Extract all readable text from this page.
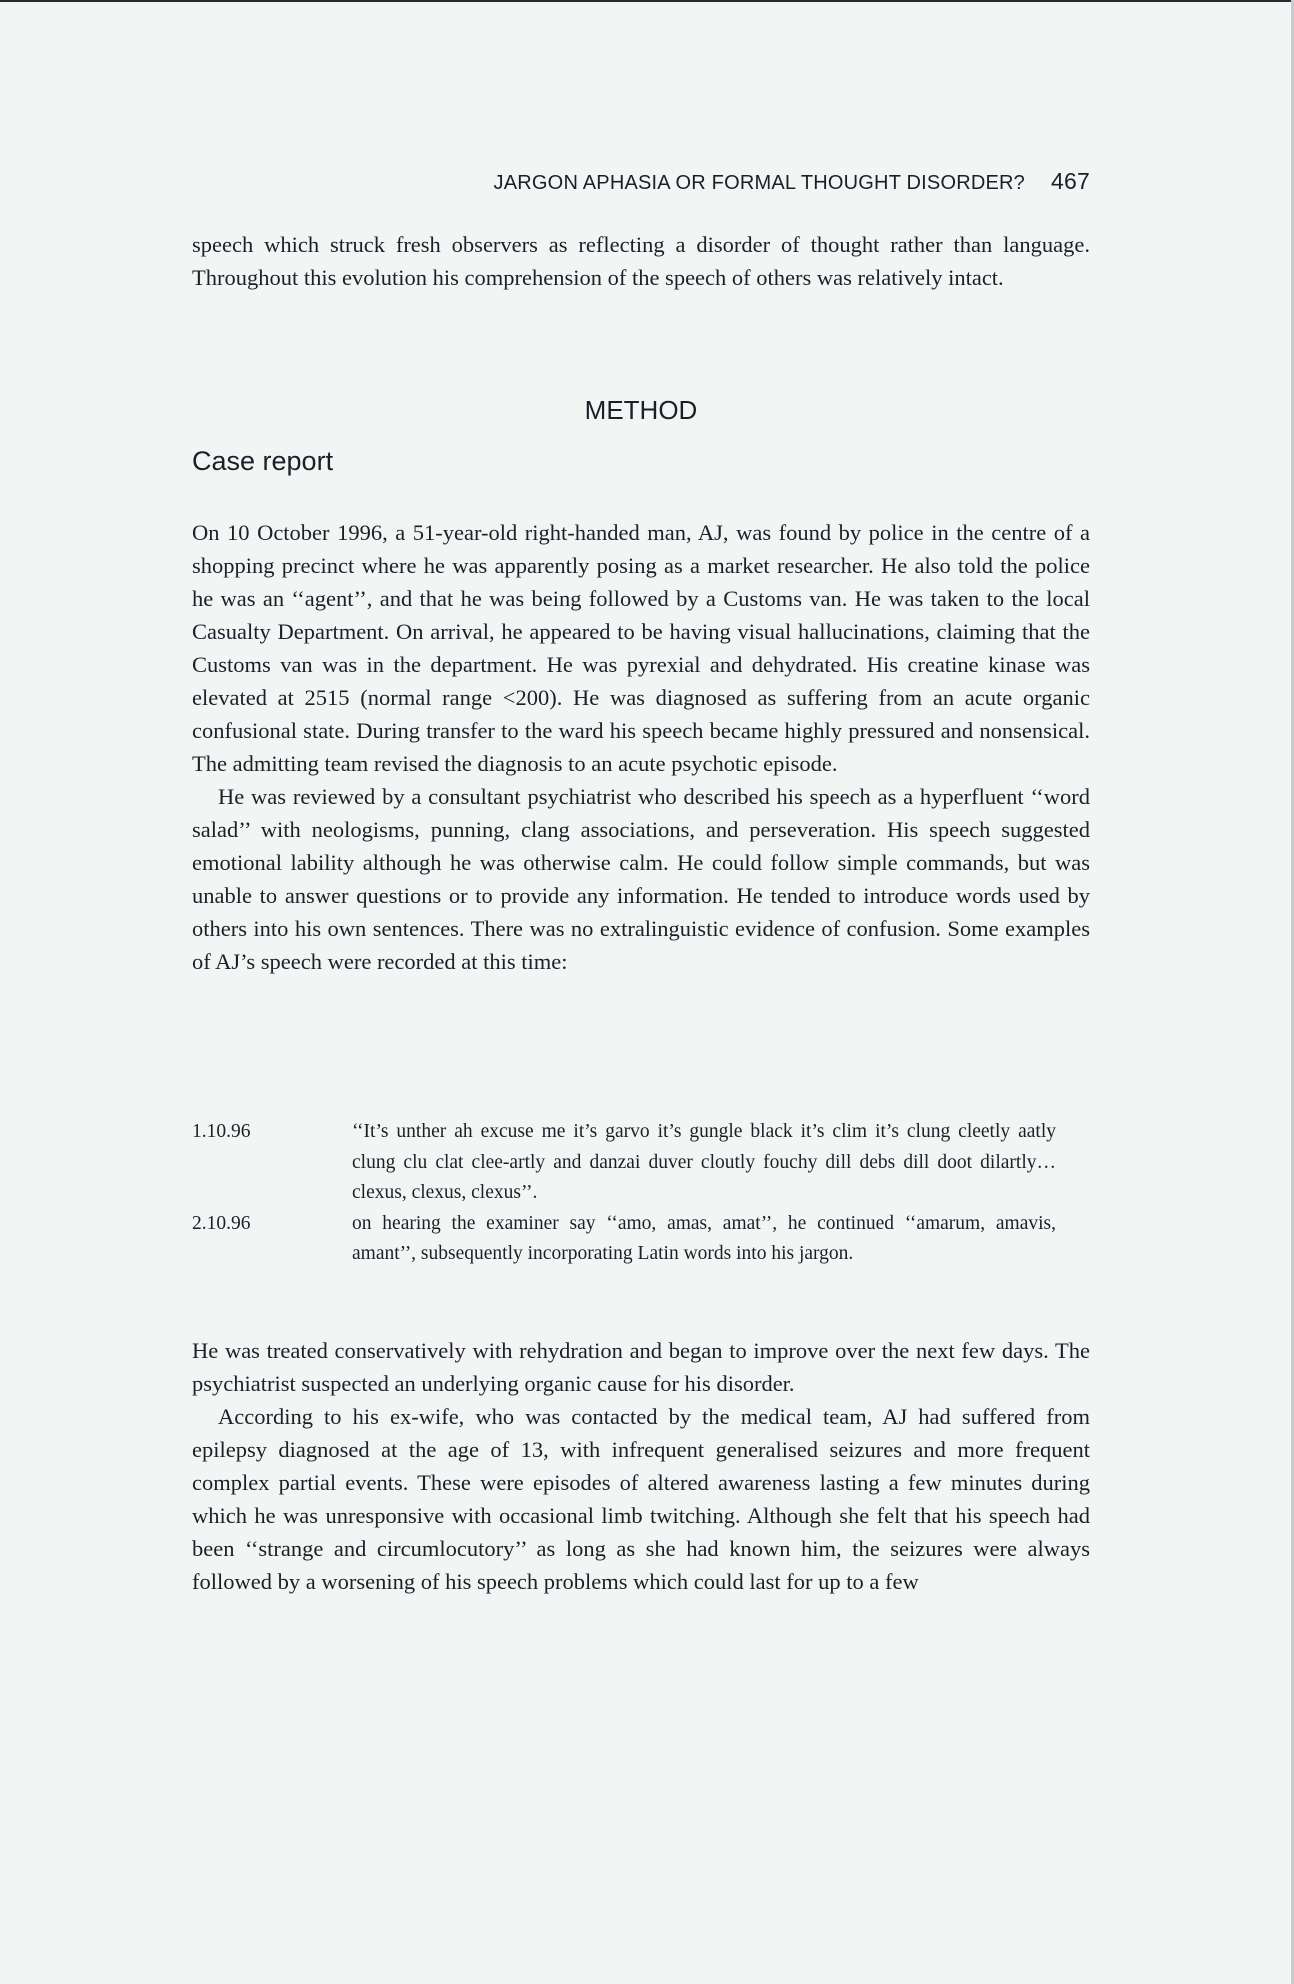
JARGON APHASIA OR FORMAL THOUGHT DISORDER? 467

speech which struck fresh observers as reflecting a disorder of thought rather than language. Throughout this evolution his comprehension of the speech of others was relatively intact.

METHOD
Case report

On 10 October 1996, a 51-year-old right-handed man, AJ, was found by police in the centre of a shopping precinct where he was apparently posing as a market researcher. He also told the police he was an ‘‘agent’’, and that he was being followed by a Customs van. He was taken to the local Casualty Department. On arrival, he appeared to be having visual hallucinations, claiming that the Customs van was in the department. He was pyrexial and dehydrated. His creatine kinase was elevated at 2515 (normal range <200). He was diagnosed as suffering from an acute organic confusional state. During transfer to the ward his speech became highly pressured and nonsensical. The admitting team revised the diagnosis to an acute psychotic episode.

He was reviewed by a consultant psychiatrist who described his speech as a hyperfluent ‘‘word salad’’ with neologisms, punning, clang associations, and perseveration. His speech suggested emotional lability although he was otherwise calm. He could follow simple commands, but was unable to answer questions or to provide any information. He tended to introduce words used by others into his own sentences. There was no extralinguistic evidence of confusion. Some examples of AJ’s speech were recorded at this time:

1.10.96	‘‘It’s unther ah excuse me it’s garvo it’s gungle black it’s clim it’s clung cleetly aatly clung clu clat clee-artly and danzai duver cloutly fouchy dill debs dill doot dilartly… clexus, clexus, clexus’’.
2.10.96	on hearing the examiner say ‘‘amo, amas, amat’’, he continued ‘‘amarum, amavis, amant’’, subsequently incorporating Latin words into his jargon.

He was treated conservatively with rehydration and began to improve over the next few days. The psychiatrist suspected an underlying organic cause for his disorder.

According to his ex-wife, who was contacted by the medical team, AJ had suffered from epilepsy diagnosed at the age of 13, with infrequent generalised seizures and more frequent complex partial events. These were episodes of altered awareness lasting a few minutes during which he was unresponsive with occasional limb twitching. Although she felt that his speech had been ‘‘strange and circumlocutory’’ as long as she had known him, the seizures were always followed by a worsening of his speech problems which could last for up to a few
